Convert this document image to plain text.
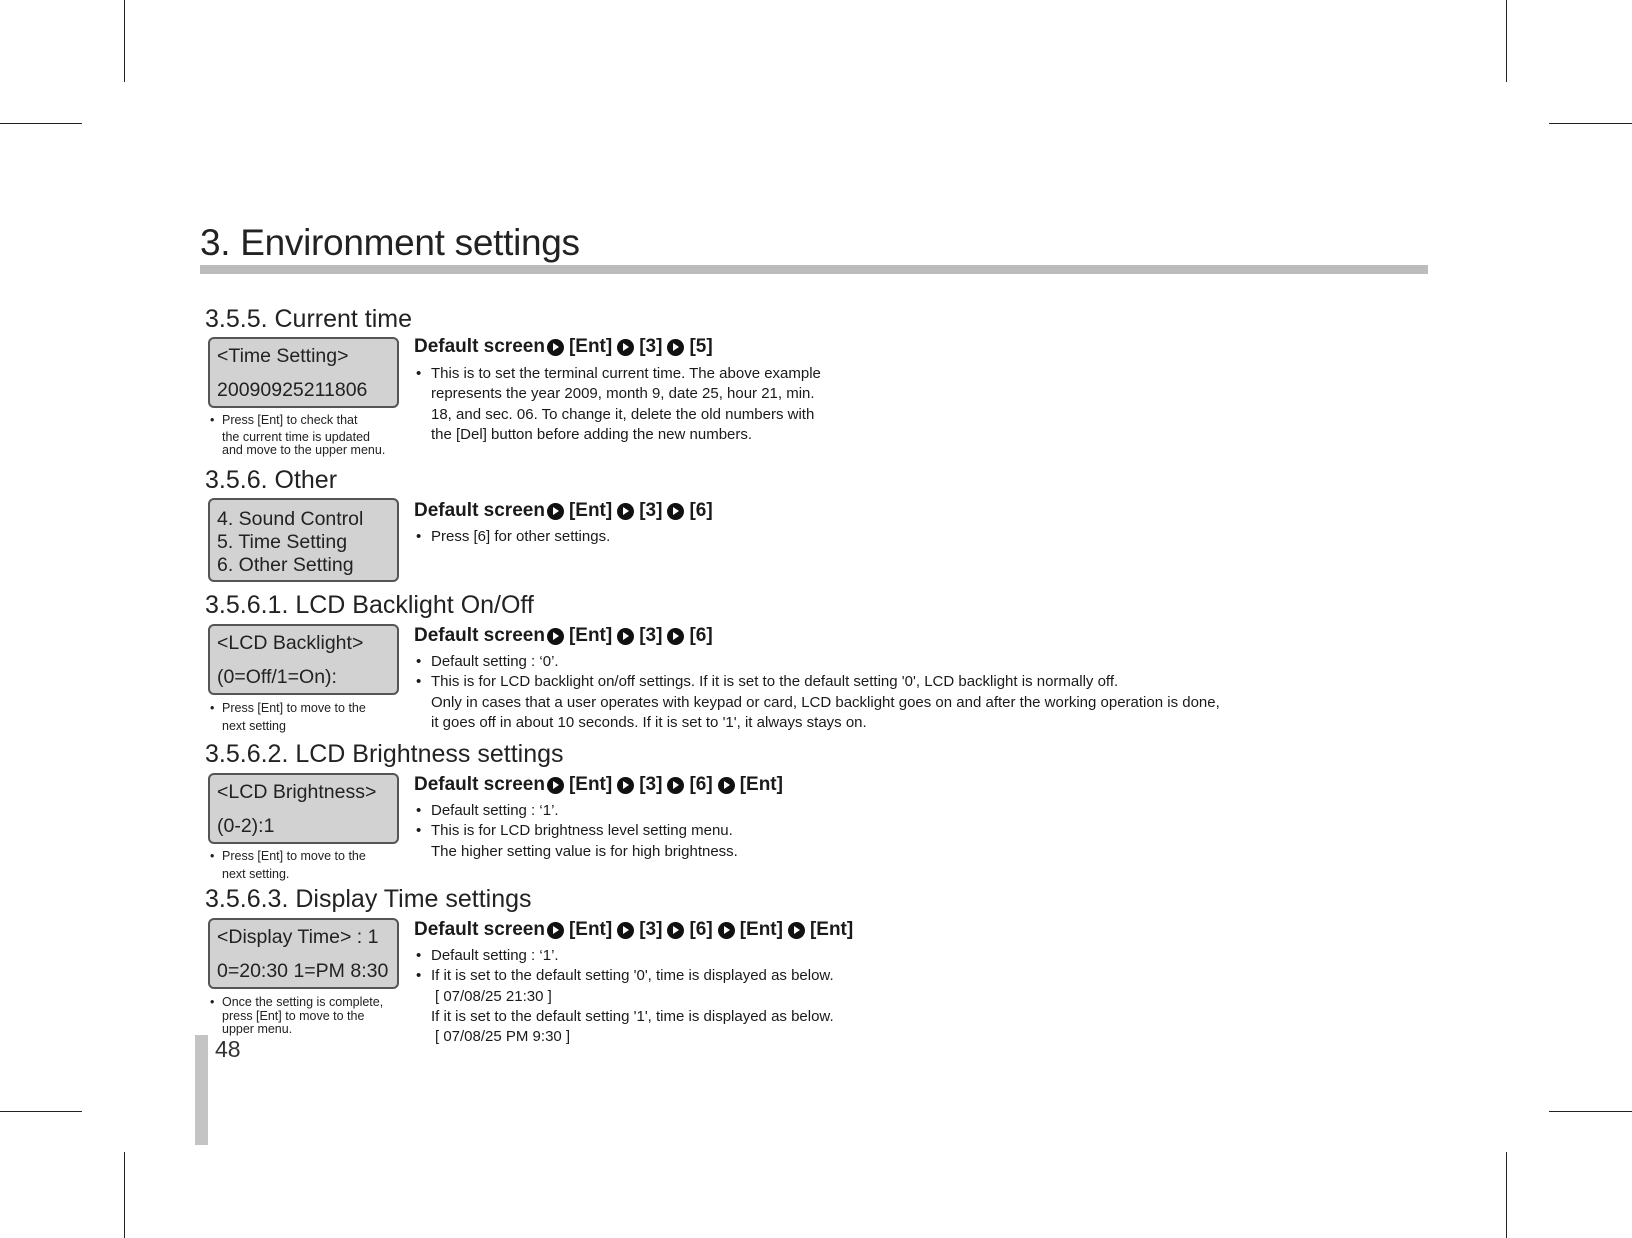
3. Environment settings
3.5.5. Current time
<Time Setting>
20090925211806
• Press [Ent] to check that
the current time is updated
and move to the upper menu.
Default screen [Ent] [3] [5]
• This is to set the terminal current time. The above example
represents the year 2009, month 9, date 25, hour 21, min.
18, and sec. 06. To change it, delete the old numbers with
the [Del] button before adding the new numbers.
3.5.6. Other
4. Sound Control
5. Time Setting
6. Other Setting
Default screen [Ent] [3] [6]
• Press [6] for other settings.
3.5.6.1. LCD Backlight On/Off
<LCD Backlight>
(0=Off/1=On):
• Press [Ent] to move to the
next setting
Default screen [Ent] [3] [6]
• Default setting : ‘0’.
• This is for LCD backlight on/off settings. If it is set to the default setting '0', LCD backlight is normally off.
Only in cases that a user operates with keypad or card, LCD backlight goes on and after the working operation is done,
it goes off in about 10 seconds. If it is set to '1', it always stays on.
3.5.6.2. LCD Brightness settings
<LCD Brightness>
(0-2):1
• Press [Ent] to move to the
next setting.
Default screen [Ent] [3] [6] [Ent]
• Default setting : ‘1’.
• This is for LCD brightness level setting menu.
The higher setting value is for high brightness.
3.5.6.3. Display Time settings
<Display Time> : 1
0=20:30 1=PM 8:30
• Once the setting is complete,
press [Ent] to move to the
upper menu.
Default screen [Ent] [3] [6] [Ent] [Ent]
• Default setting : ‘1’.
• If it is set to the default setting '0', time is displayed as below.
[ 07/08/25 21:30 ]
If it is set to the default setting '1', time is displayed as below.
[ 07/08/25 PM 9:30 ]
48
